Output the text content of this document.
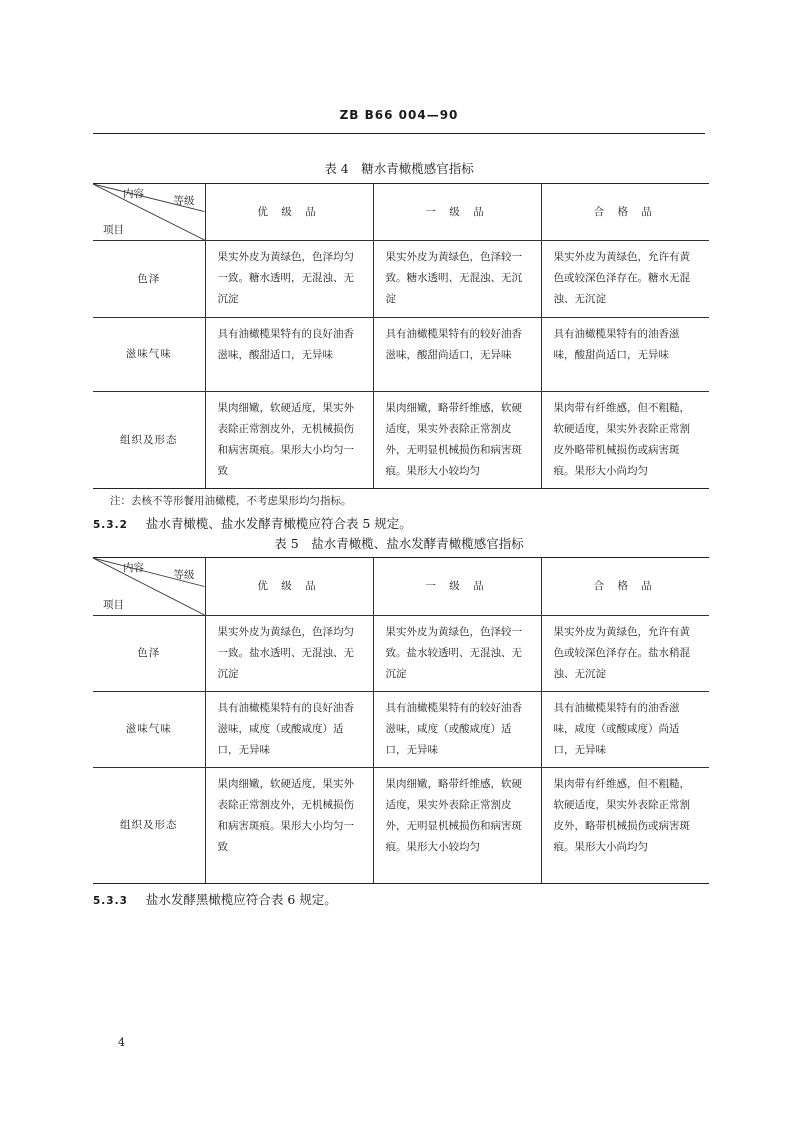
ZB B66 004—90
表 4　糖水青橄榄感官指标
内容
等级
项目	优 级 品	一 级 品	合 格 品
色泽	果实外皮为黄绿色，色泽均匀一致。糖水透明，无混浊、无沉淀	果实外皮为黄绿色，色泽较一致。糖水透明、无混浊、无沉淀	果实外皮为黄绿色，允许有黄色或较深色泽存在。糖水无混浊、无沉淀
滋味气味	具有油橄榄果特有的良好油香滋味，酸甜适口，无异味	具有油橄榄果特有的较好油香滋味，酸甜尚适口，无异味	具有油橄榄果特有的油香滋味，酸甜尚适口，无异味
组织及形态	果肉细嫩，软硬适度，果实外表除正常割皮外，无机械损伤和病害斑痕。果形大小均匀一致	果肉细嫩，略带纤维感，软硬适度，果实外表除正常割皮外，无明显机械损伤和病害斑痕。果形大小较均匀	果肉带有纤维感，但不粗糙，软硬适度，果实外表除正常割皮外略带机械损伤或病害斑痕。果形大小尚均匀
注：去核不等形餐用油橄榄，不考虑果形均匀指标。
5.3.2 盐水青橄榄、盐水发酵青橄榄应符合表 5 规定。
表 5　盐水青橄榄、盐水发酵青橄榄感官指标
内容
等级
项目	优 级 品	一 级 品	合 格 品
色泽	果实外皮为黄绿色，色泽均匀一致。盐水透明、无混浊、无沉淀	果实外皮为黄绿色，色泽较一致。盐水较透明、无混浊、无沉淀	果实外皮为黄绿色，允许有黄色或较深色泽存在。盐水稍混浊、无沉淀
滋味气味	具有油橄榄果特有的良好油香滋味，咸度（或酸咸度）适口，无异味	具有油橄榄果特有的较好油香滋味，咸度（或酸咸度）适口，无异味	具有油橄榄果特有的油香滋味，咸度（或酸咸度）尚适口，无异味
组织及形态	果肉细嫩，软硬适度，果实外表除正常割皮外，无机械损伤和病害斑痕。果形大小均匀一致	果肉细嫩，略带纤维感，软硬适度，果实外表除正常割皮外，无明显机械损伤和病害斑痕。果形大小较均匀	果肉带有纤维感，但不粗糙，软硬适度，果实外表除正常割皮外，略带机械损伤或病害斑痕。果形大小尚均匀
5.3.3 盐水发酵黑橄榄应符合表 6 规定。
4
